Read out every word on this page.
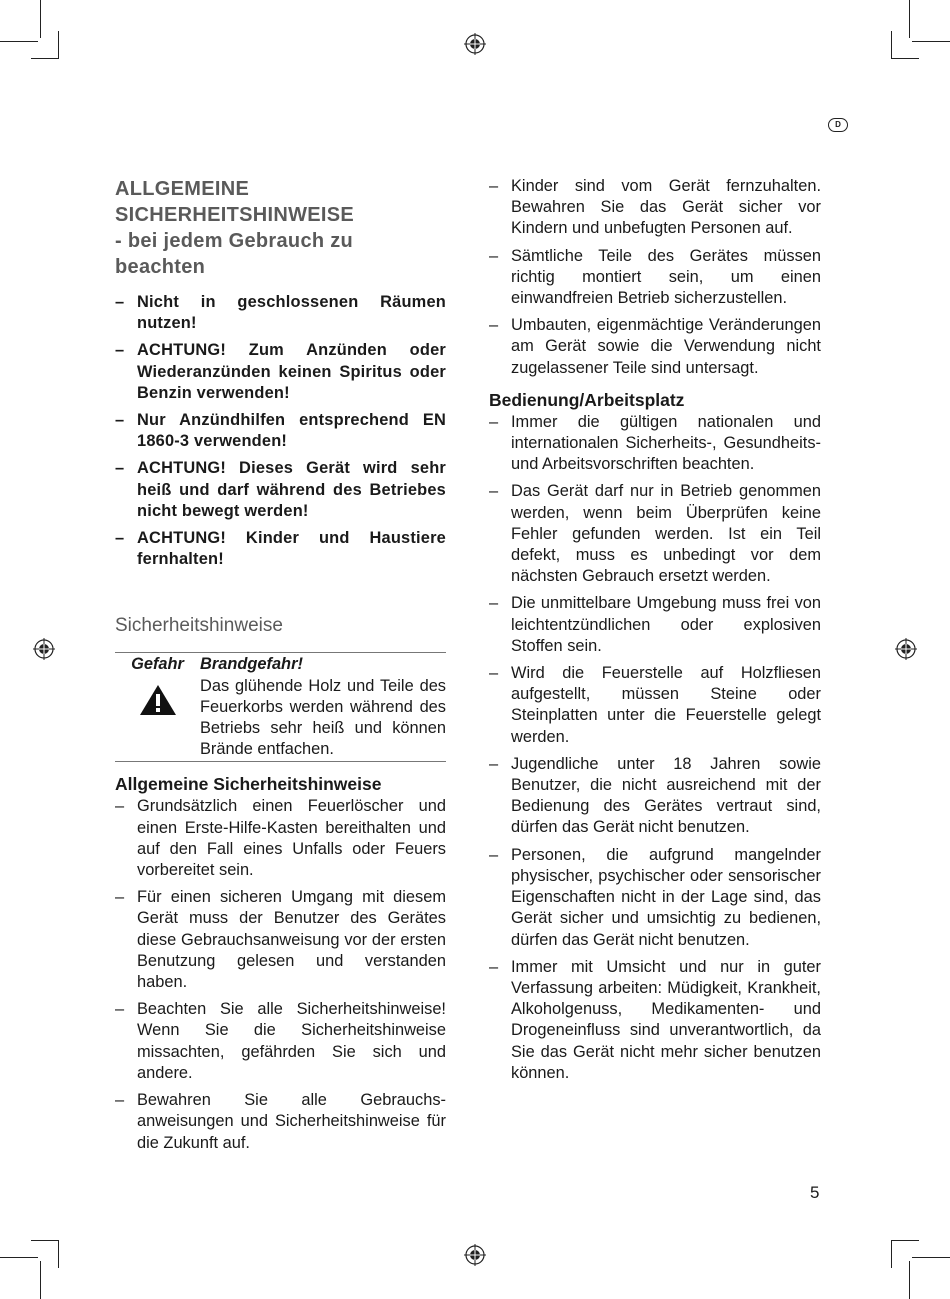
D
ALLGEMEINE
SICHERHEITSHINWEISE
- bei jedem Gebrauch zu beachten
– Nicht in geschlossenen Räumen nutzen!
– ACHTUNG! Zum Anzünden oder Wiederanzünden keinen Spiritus oder Benzin verwenden!
– Nur Anzündhilfen entsprechend EN 1860-3 verwenden!
– ACHTUNG! Dieses Gerät wird sehr heiß und darf während des Betriebes nicht bewegt werden!
– ACHTUNG! Kinder und Haustiere fernhalten!
Sicherheitshinweise
Gefahr Brandgefahr!
Das glühende Holz und Teile des Feuerkorbs werden während des Betriebs sehr heiß und können Brände entfachen.
Allgemeine Sicherheitshinweise
– Grundsätzlich einen Feuerlöscher und einen Erste-Hilfe-Kasten bereithalten und auf den Fall eines Unfalls oder Feuers vorbereitet sein.
– Für einen sicheren Umgang mit diesem Gerät muss der Benutzer des Gerätes diese Gebrauchsanweisung vor der ersten Benutzung gelesen und verstanden haben.
– Beachten Sie alle Sicherheitshinweise! Wenn Sie die Sicherheitshinweise missachten, gefährden Sie sich und andere.
– Bewahren Sie alle Gebrauchsanweisungen und Sicherheitshinweise für die Zukunft auf.
– Kinder sind vom Gerät fernzuhalten. Bewahren Sie das Gerät sicher vor Kindern und unbefugten Personen auf.
– Sämtliche Teile des Gerätes müssen richtig montiert sein, um einen einwandfreien Betrieb sicherzustellen.
– Umbauten, eigenmächtige Veränderungen am Gerät sowie die Verwendung nicht zugelassener Teile sind untersagt.
Bedienung/Arbeitsplatz
– Immer die gültigen nationalen und internationalen Sicherheits-, Gesundheits- und Arbeitsvorschriften beachten.
– Das Gerät darf nur in Betrieb genommen werden, wenn beim Überprüfen keine Fehler gefunden werden. Ist ein Teil defekt, muss es unbedingt vor dem nächsten Gebrauch ersetzt werden.
– Die unmittelbare Umgebung muss frei von leichtentzündlichen oder explosiven Stoffen sein.
– Wird die Feuerstelle auf Holzfliesen aufgestellt, müssen Steine oder Steinplatten unter die Feuerstelle gelegt werden.
– Jugendliche unter 18 Jahren sowie Benutzer, die nicht ausreichend mit der Bedienung des Gerätes vertraut sind, dürfen das Gerät nicht benutzen.
– Personen, die aufgrund mangelnder physischer, psychischer oder sensorischer Eigenschaften nicht in der Lage sind, das Gerät sicher und umsichtig zu bedienen, dürfen das Gerät nicht benutzen.
– Immer mit Umsicht und nur in guter Verfassung arbeiten: Müdigkeit, Krankheit, Alkoholgenuss, Medikamenten- und Drogeneinfluss sind unverantwortlich, da Sie das Gerät nicht mehr sicher benutzen können.
5
